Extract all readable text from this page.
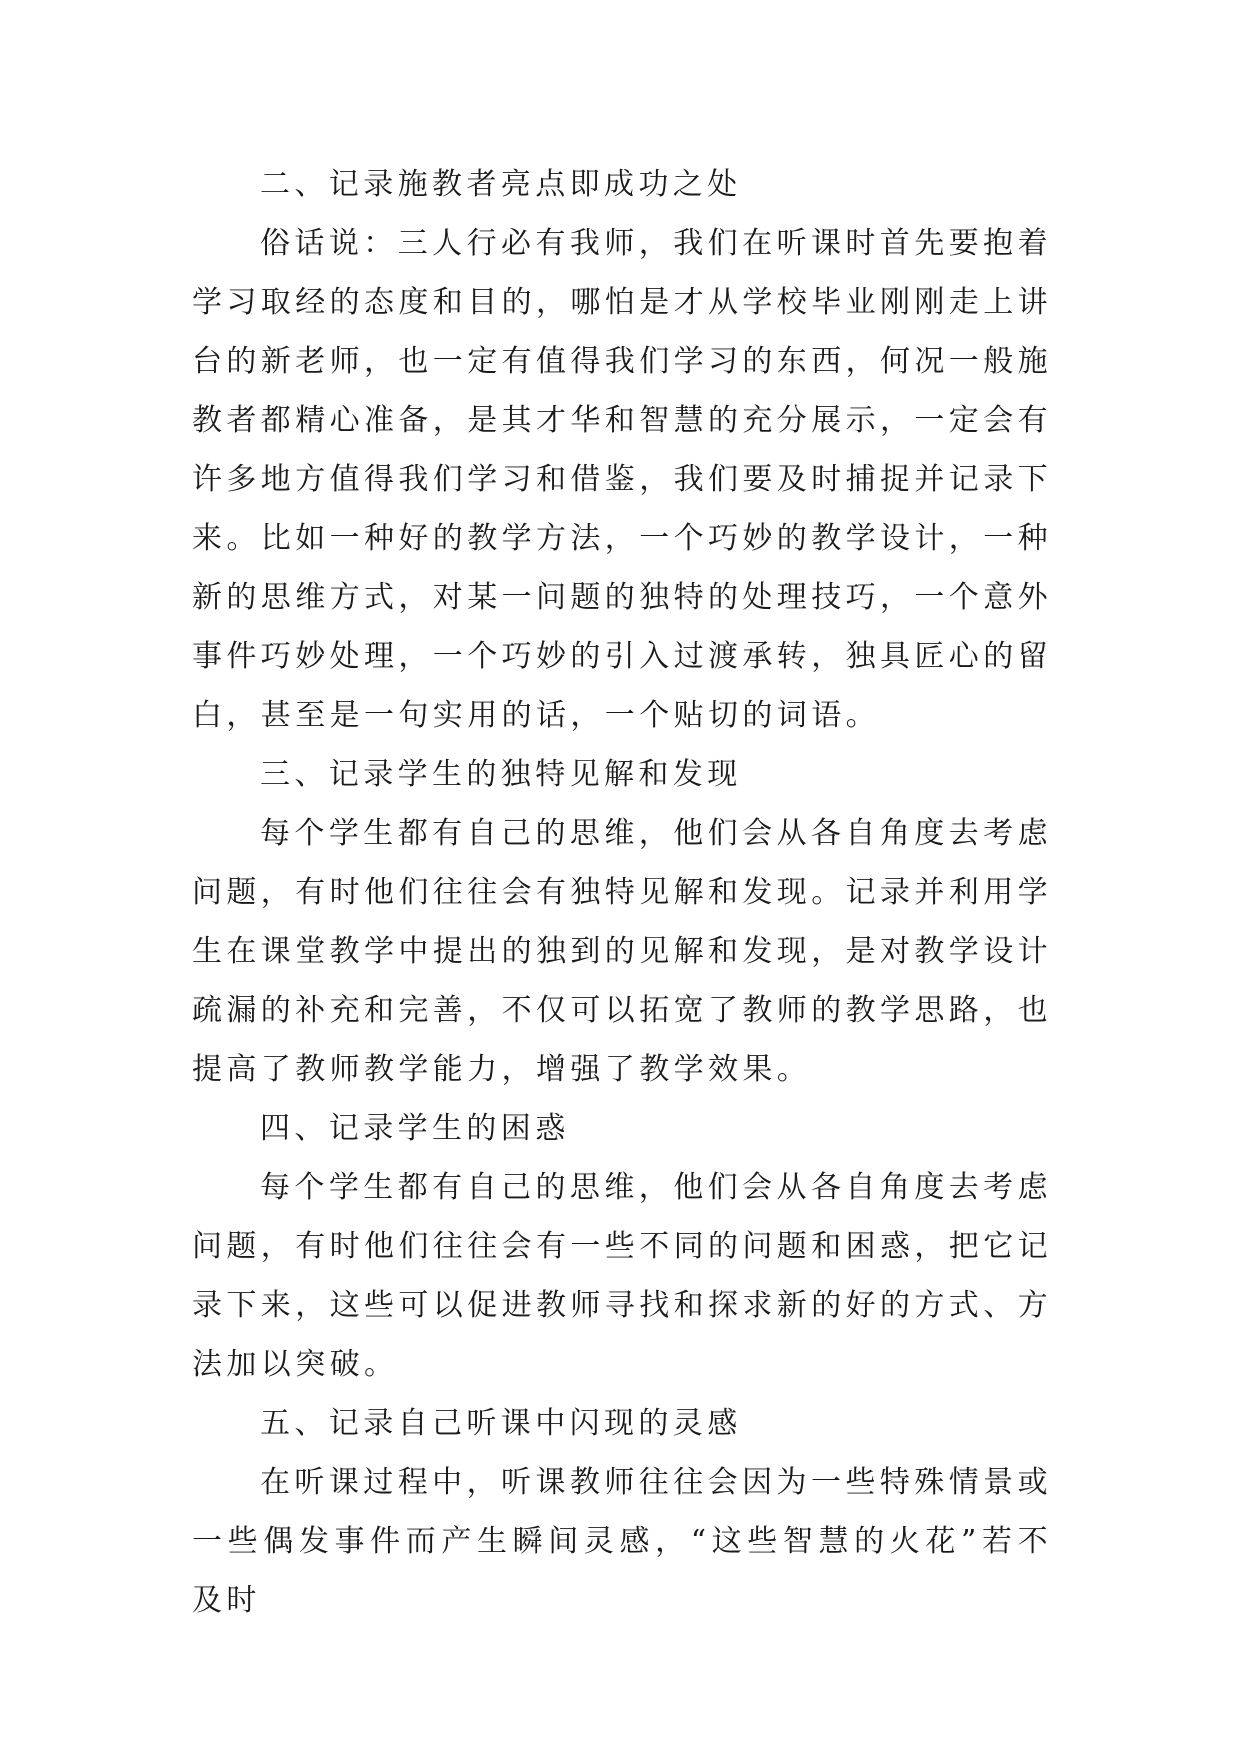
二、记录施教者亮点即成功之处

俗话说：三人行必有我师，我们在听课时首先要抱着学习取经的态度和目的，哪怕是才从学校毕业刚刚走上讲台的新老师，也一定有值得我们学习的东西，何况一般施教者都精心准备，是其才华和智慧的充分展示，一定会有许多地方值得我们学习和借鉴，我们要及时捕捉并记录下来。比如一种好的教学方法，一个巧妙的教学设计，一种新的思维方式，对某一问题的独特的处理技巧，一个意外事件巧妙处理，一个巧妙的引入过渡承转，独具匠心的留白，甚至是一句实用的话，一个贴切的词语。

三、记录学生的独特见解和发现

每个学生都有自己的思维，他们会从各自角度去考虑问题，有时他们往往会有独特见解和发现。记录并利用学生在课堂教学中提出的独到的见解和发现，是对教学设计疏漏的补充和完善，不仅可以拓宽了教师的教学思路，也提高了教师教学能力，增强了教学效果。

四、记录学生的困惑

每个学生都有自己的思维，他们会从各自角度去考虑问题，有时他们往往会有一些不同的问题和困惑，把它记录下来，这些可以促进教师寻找和探求新的好的方式、方法加以突破。

五、记录自己听课中闪现的灵感

在听课过程中，听课教师往往会因为一些特殊情景或一些偶发事件而产生瞬间灵感，“这些智慧的火花”若不及时
